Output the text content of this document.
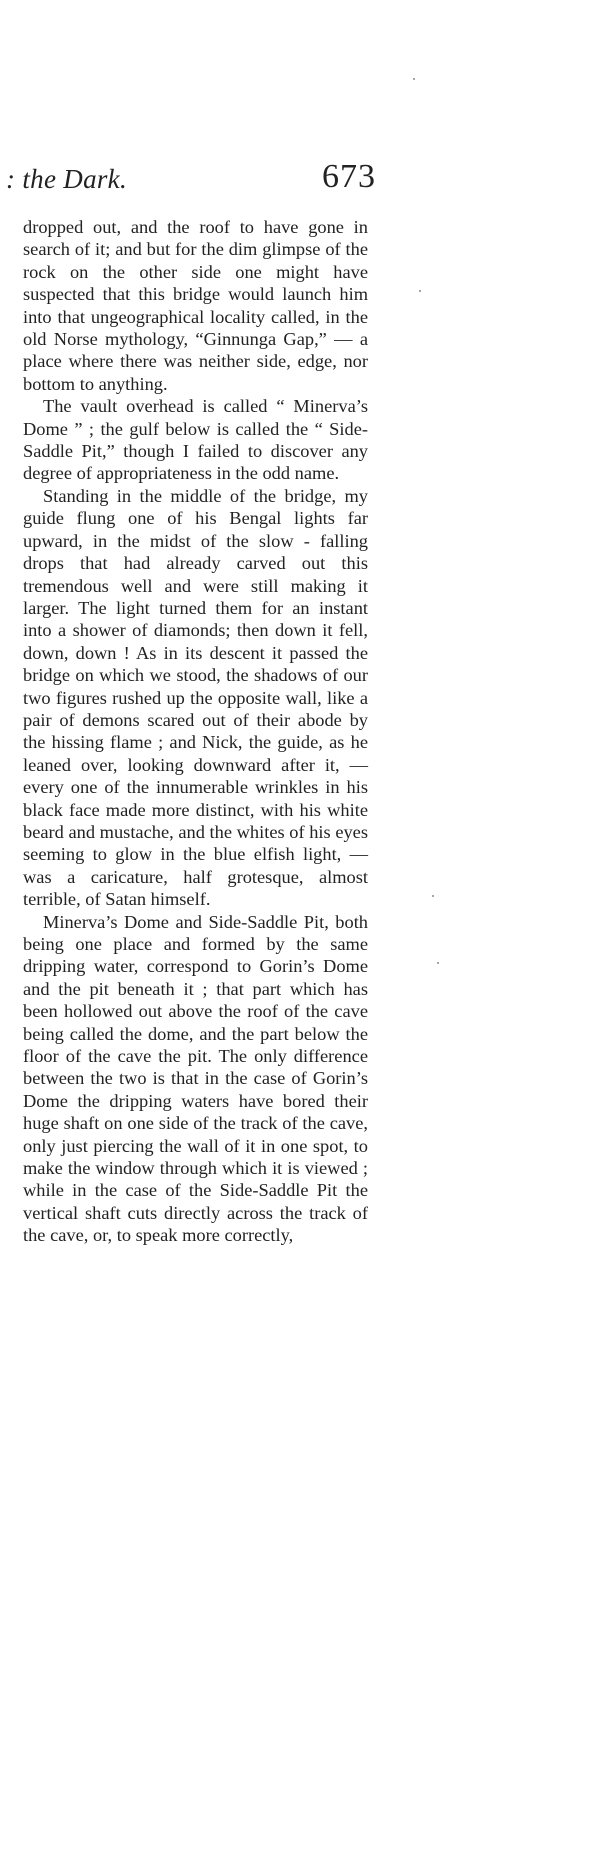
: the Dark.	673

dropped out, and the roof to have gone in search of it; and but for the dim glimpse of the rock on the other side one might have suspected that this bridge would launch him into that ungeographical locality called, in the old Norse mythology, “Ginnunga Gap,” — a place where there was neither side, edge, nor bottom to anything.

The vault overhead is called “ Minerva’s Dome ” ; the gulf below is called the “ Side-Saddle Pit,” though I failed to discover any degree of appropriateness in the odd name.

Standing in the middle of the bridge, my guide flung one of his Bengal lights far upward, in the midst of the slow - falling drops that had already carved out this tremendous well and were still making it larger. The light turned them for an instant into a shower of diamonds; then down it fell, down, down ! As in its descent it passed the bridge on which we stood, the shadows of our two figures rushed up the opposite wall, like a pair of demons scared out of their abode by the hissing flame ; and Nick, the guide, as he leaned over, looking downward after it, — every one of the innumerable wrinkles in his black face made more distinct, with his white beard and mustache, and the whites of his eyes seeming to glow in the blue elfish light, — was a caricature, half grotesque, almost terrible, of Satan himself.

Minerva’s Dome and Side-Saddle Pit, both being one place and formed by the same dripping water, correspond to Gorin’s Dome and the pit beneath it ; that part which has been hollowed out above the roof of the cave being called the dome, and the part below the floor of the cave the pit. The only difference between the two is that in the case of Gorin’s Dome the dripping waters have bored their huge shaft on one side of the track of the cave, only just piercing the wall of it in one spot, to make the window through which it is viewed ; while in the case of the Side-Saddle Pit the vertical shaft cuts directly across the track of the cave, or, to speak more correctly,
